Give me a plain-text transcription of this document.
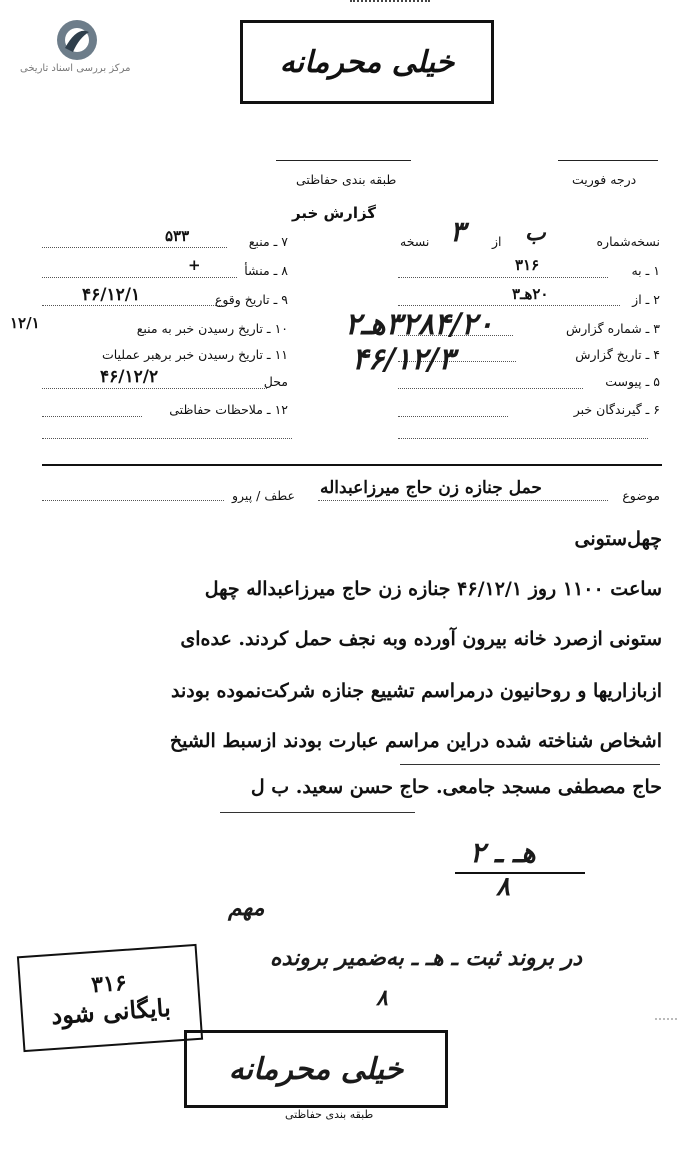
مرکز بررسی اسناد تاریخی	خیلی محرمانه
طبقه بندی حفاظتی	درجه فوریت
گزارش خبر
نسخه‌شماره
ب
از
۳
نسخه
۱ ـ به
۳۱۶
۲ ـ از
۲۰هـ۳
۳ ـ شماره گزارش
۴ ـ تاریخ گزارش
۵ ـ پیوست
۶ ـ گیرندگان خبر
۳۲۸۴/۲۰هـ۲
۴۶/۱۲/۳
۷ ـ منبع
۵۳۳
۸ ـ منشأ
+
۹ ـ تاریخ وقوع
۴۶/۱۲/۱
۱۰ ـ تاریخ رسیدن خبر به منبع
۱۲/۱
۱۱ ـ تاریخ رسیدن خبر برهبر عملیات
محل
۴۶/۱۲/۲
۱۲ ـ ملاحظات حفاظتی
موضوع
حمل جنازه زن حاج میرزاعبداله
عطف / پیرو
چهل‌ستونی
ساعت ۱۱۰۰ روز ۴۶/۱۲/۱ جنازه زن حاج میرزاعبداله چهل
ستونی ازصرد خانه بیرون آورده وبه نجف حمل کردند. عده‌ای
ازبازاریها و روحانیون درمراسم تشییع جنازه شرکت‌نموده بودند
اشخاص شناخته شده دراین مراسم عبارت بودند ازسبط الشیخ
حاج مصطفی مسجد جامعی. حاج حسن سعید. ب ل
هـ ـ ۲
۸
مهم
در بروند ثبت ـ هـ ـ به‌ضمیر برونده
۸
۳۱۶
بایگانی شود
خیلی محرمانه
طبقه بندی حفاظتی
